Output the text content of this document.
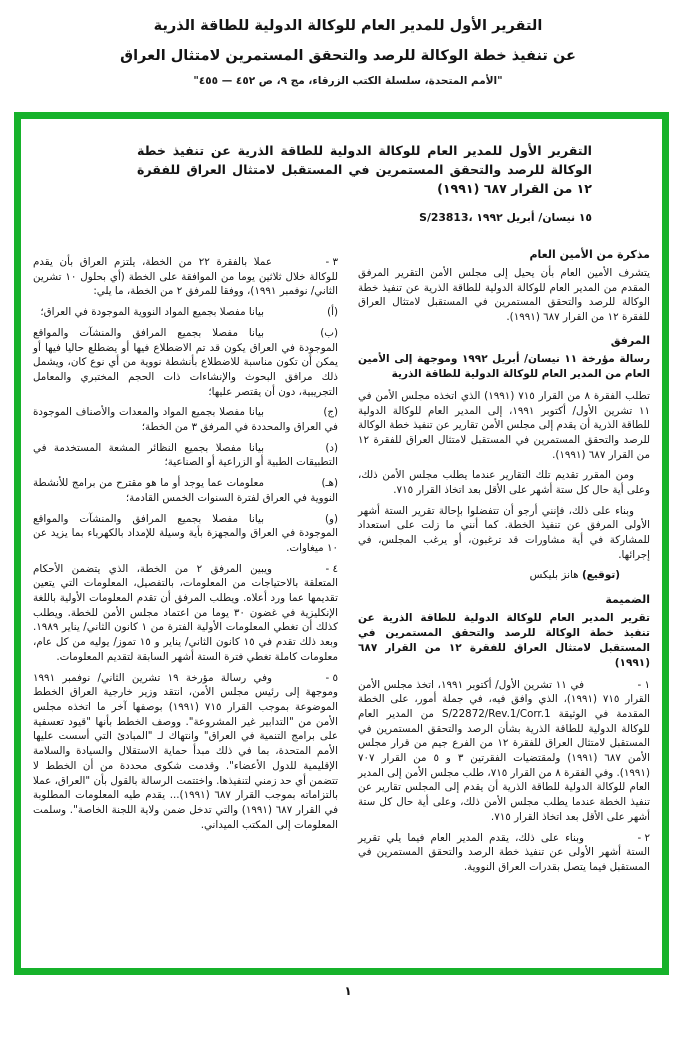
التقرير الأول للمدير العام للوكالة الدولية للطاقة الذرية
عن تنفيذ خطة الوكالة للرصد والتحقق المستمرين لامتثال العراق
"الأمم المتحدة، سلسلة الكتب الزرقاء، مج ٩، ص ٤٥٢ — ٤٥٥"
التقرير الأول للمدير العام للوكالة الدولية للطاقة الذرية عن تنفيذ خطة الوكالة للرصد والتحقق المستمرين في المستقبل لامتثال العراق للفقرة ١٢ من القرار ٦٨٧ (١٩٩١)
S/23813، ١٥ نيسان/ أبريل ١٩٩٢
مذكرة من الأمين العام

يتشرف الأمين العام بأن يحيل إلى مجلس الأمن التقرير المرفق المقدم من المدير العام للوكالة الدولية للطاقة الذرية عن تنفيذ خطة الوكالة للرصد والتحقق المستمرين في المستقبل لامتثال العراق للفقرة ١٢ من القرار ٦٨٧ (١٩٩١).

المرفق
رسالة مؤرخة ١١ نيسان/ أبريل ١٩٩٢ وموجهة إلى الأمين العام من المدير العام للوكالة الدولية للطاقة الذرية

تطلب الفقرة ٨ من القرار ٧١٥ (١٩٩١) الذي اتخذه مجلس الأمن في ١١ تشرين الأول/ أكتوبر ١٩٩١، إلى المدير العام للوكالة الدولية للطاقة الذرية أن يقدم إلى مجلس الأمن تقارير عن تنفيذ خطة الوكالة للرصد والتحقق المستمرين في المستقبل لامتثال العراق للفقرة ١٢ من القرار ٦٨٧ (١٩٩١).

ومن المقرر تقديم تلك التقارير عندما يطلب مجلس الأمن ذلك، وعلى أية حال كل ستة أشهر على الأقل بعد اتخاذ القرار ٧١٥.

وبناء على ذلك، فإنني أرجو أن تتفضلوا بإحالة تقرير الستة أشهر الأولى المرفق عن تنفيذ الخطة. كما أنني ما زلت على استعداد للمشاركة في أية مشاورات قد ترغبون، أو يرغب المجلس، في إجرائها.

(توقيع) هانز بليكس
الضميمة
تقرير المدير العام للوكالة الدولية للطاقة الذرية عن تنفيذ خطة الوكالة للرصد والتحقق المستمرين في المستقبل لامتثال العراق للفقرة ١٢ من القرار ٦٨٧ (١٩٩١)

١ -في ١١ تشرين الأول/ أكتوبر ١٩٩١، اتخذ مجلس الأمن القرار ٧١٥ (١٩٩١)، الذي وافق فيه، في جملة أمور، على الخطة المقدمة في الوثيقة S/22872/Rev.1/Corr.1 من المدير العام للوكالة الدولية للطاقة الذرية بشأن الرصد والتحقق المستمرين في المستقبل لامتثال العراق للفقرة ١٢ من الفرع جيم من قرار مجلس الأمن ٦٨٧ (١٩٩١) ولمقتضيات الفقرتين ٣ و ٥ من القرار ٧٠٧ (١٩٩١). وفي الفقرة ٨ من القرار ٧١٥، طلب مجلس الأمن إلى المدير العام للوكالة الدولية للطاقة الذرية أن يقدم إلى المجلس تقارير عن تنفيذ الخطة عندما يطلب مجلس الأمن ذلك، وعلى أية حال كل ستة أشهر على الأقل بعد اتخاذ القرار ٧١٥.

٢ -وبناء على ذلك، يقدم المدير العام فيما يلي تقرير الستة أشهر الأولى عن تنفيذ خطة الرصد والتحقق المستمرين في المستقبل فيما يتصل بقدرات العراق النووية.

٣ -عملا بالفقرة ٢٢ من الخطة، يلتزم العراق بأن يقدم للوكالة خلال ثلاثين يوما من الموافقة على الخطة (أي بحلول ١٠ تشرين الثاني/ نوفمبر ١٩٩١)، ووفقا للمرفق ٢ من الخطة، ما يلي:

(أ)بيانا مفصلا بجميع المواد النووية الموجودة في العراق؛

(ب)بيانا مفصلا بجميع المرافق والمنشآت والمواقع الموجودة في العراق يكون قد تم الاضطلاع فيها أو يضطلع حاليا فيها أو يمكن أن تكون مناسبة للاضطلاع بأنشطة نووية من أي نوع كان، ويشمل ذلك مرافق البحوث والإنشاءات ذات الحجم المختبري والمعامل التجريبية، دون أن يقتصر عليها؛

(ج)بيانا مفصلا بجميع المواد والمعدات والأصناف الموجودة في العراق والمحددة في المرفق ٣ من الخطة؛

(د)بيانا مفصلا بجميع النظائر المشعة المستخدمة في التطبيقات الطبية أو الزراعية أو الصناعية؛

(هـ)معلومات عما يوجد أو ما هو مقترح من برامج للأنشطة النووية في العراق لفترة السنوات الخمس القادمة؛

(و)بيانا مفصلا بجميع المرافق والمنشآت والمواقع الموجودة في العراق والمجهزة بأية وسيلة للإمداد بالكهرباء بما يزيد عن ١٠ ميغاوات.

٤ -ويبين المرفق ٢ من الخطة، الذي يتضمن الأحكام المتعلقة بالاحتياجات من المعلومات، بالتفصيل، المعلومات التي يتعين تقديمها عما ورد أعلاه. ويطلب المرفق أن تقدم المعلومات الأولية باللغة الإنكليزية في غضون ٣٠ يوما من اعتماد مجلس الأمن للخطة. ويطلب كذلك أن تغطي المعلومات الأولية الفترة من ١ كانون الثاني/ يناير ١٩٨٩. وبعد ذلك تقدم في ١٥ كانون الثاني/ يناير و ١٥ تموز/ يوليه من كل عام، معلومات كاملة تغطي فترة الستة أشهر السابقة لتقديم المعلومات.

٥ -وفي رسالة مؤرخة ١٩ تشرين الثاني/ نوفمبر ١٩٩١ وموجهة إلى رئيس مجلس الأمن، انتقد وزير خارجية العراق الخطط الموضوعة بموجب القرار ٧١٥ (١٩٩١) بوصفها آخر ما اتخذه مجلس الأمن من "التدابير غير المشروعة". ووصف الخطط بأنها "قيود تعسفية على برامج التنمية في العراق" وانتهاك لـ "المبادئ التي أسست عليها الأمم المتحدة، بما في ذلك مبدأ حماية الاستقلال والسيادة والسلامة الإقليمية للدول الأعضاء". وقدمت شكوى محددة من أن الخطط لا تتضمن أي حد زمني لتنفيذها. واختتمت الرسالة بالقول بأن "العراق، عملا بالتزاماته بموجب القرار ٦٨٧ (١٩٩١)... يقدم طيه المعلومات المطلوبة في القرار ٦٨٧ (١٩٩١) والتي تدخل ضمن ولاية اللجنة الخاصة". وسلمت المعلومات إلى المكتب الميداني.

١
